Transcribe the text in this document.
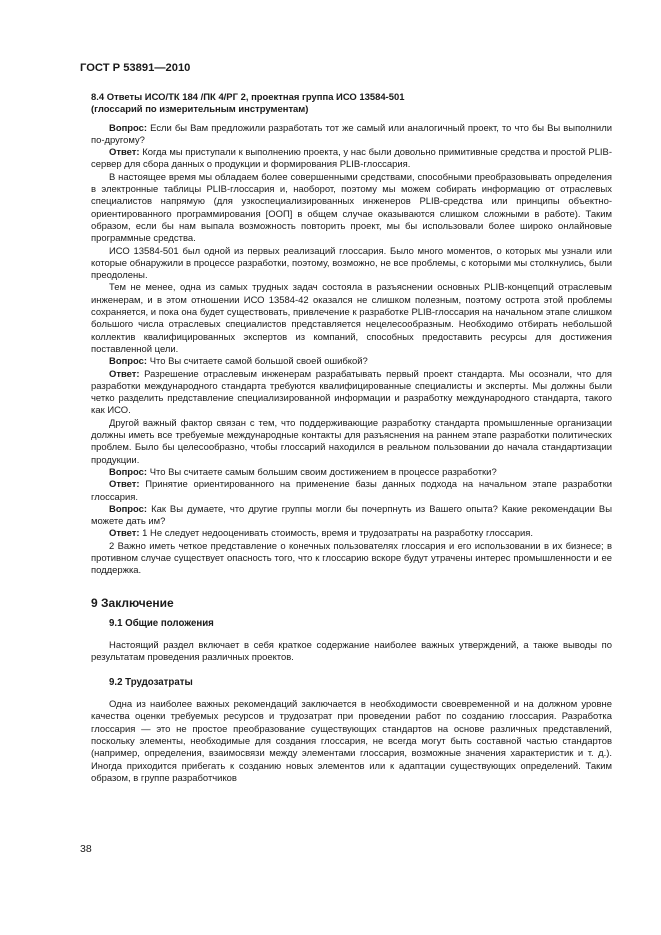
ГОСТ Р 53891—2010
8.4 Ответы ИСО/ТК 184 /ПК 4/РГ 2, проектная группа ИСО 13584-501
(глоссарий по измерительным инструментам)

Вопрос: Если бы Вам предложили разработать тот же самый или аналогичный проект, то что бы Вы выполнили по-другому?

Ответ: Когда мы приступали к выполнению проекта, у нас были довольно примитивные средства и простой PLIB-сервер для сбора данных о продукции и формирования PLIB-глоссария.

В настоящее время мы обладаем более совершенными средствами, способными преобразовывать определения в электронные таблицы PLIB-глоссария и, наоборот, поэтому мы можем собирать информацию от отраслевых специалистов напрямую (для узкоспециализированных инженеров PLIB-средства или принципы объектно-ориентированного программирования [ООП] в общем случае оказываются слишком сложными в работе). Таким образом, если бы нам выпала возможность повторить проект, мы бы использовали более широко онлайновые программные средства.

ИСО 13584-501 был одной из первых реализаций глоссария. Было много моментов, о которых мы узнали или которые обнаружили в процессе разработки, поэтому, возможно, не все проблемы, с которыми мы столкнулись, были преодолены.

Тем не менее, одна из самых трудных задач состояла в разъяснении основных PLIB-концепций отраслевым инженерам, и в этом отношении ИСО 13584-42 оказался не слишком полезным, поэтому острота этой проблемы сохраняется, и пока она будет существовать, привлечение к разработке PLIB-глоссария на начальном этапе слишком большого числа отраслевых специалистов представляется нецелесообразным. Необходимо отбирать небольшой коллектив квалифицированных экспертов из компаний, способных предоставить ресурсы для достижения поставленной цели.

Вопрос: Что Вы считаете самой большой своей ошибкой?

Ответ: Разрешение отраслевым инженерам разрабатывать первый проект стандарта. Мы осознали, что для разработки международного стандарта требуются квалифицированные специалисты и эксперты. Мы должны были четко разделить представление специализированной информации и разработку международного стандарта, такого как ИСО.

Другой важный фактор связан с тем, что поддерживающие разработку стандарта промышленные организации должны иметь все требуемые международные контакты для разъяснения на раннем этапе разработки политических проблем. Было бы целесообразно, чтобы глоссарий находился в реальном пользовании до начала стандартизации продукции.

Вопрос: Что Вы считаете самым большим своим достижением в процессе разработки?

Ответ: Принятие ориентированного на применение базы данных подхода на начальном этапе разработки глоссария.

Вопрос: Как Вы думаете, что другие группы могли бы почерпнуть из Вашего опыта? Какие рекомендации Вы можете дать им?

Ответ: 1 Не следует недооценивать стоимость, время и трудозатраты на разработку глоссария.

2 Важно иметь четкое представление о конечных пользователях глоссария и его использовании в их бизнесе; в противном случае существует опасность того, что к глоссарию вскоре будут утрачены интерес промышленности и ее поддержка.

9 Заключение
9.1 Общие положения

Настоящий раздел включает в себя краткое содержание наиболее важных утверждений, а также выводы по результатам проведения различных проектов.

9.2 Трудозатраты

Одна из наиболее важных рекомендаций заключается в необходимости своевременной и на должном уровне качества оценки требуемых ресурсов и трудозатрат при проведении работ по созданию глоссария. Разработка глоссария — это не простое преобразование существующих стандартов на основе различных представлений, поскольку элементы, необходимые для создания глоссария, не всегда могут быть составной частью стандартов (например, определения, взаимосвязи между элементами глоссария, возможные значения характеристик и т. д.). Иногда приходится прибегать к созданию новых элементов или к адаптации существующих определений. Таким образом, в группе разработчиков

38
